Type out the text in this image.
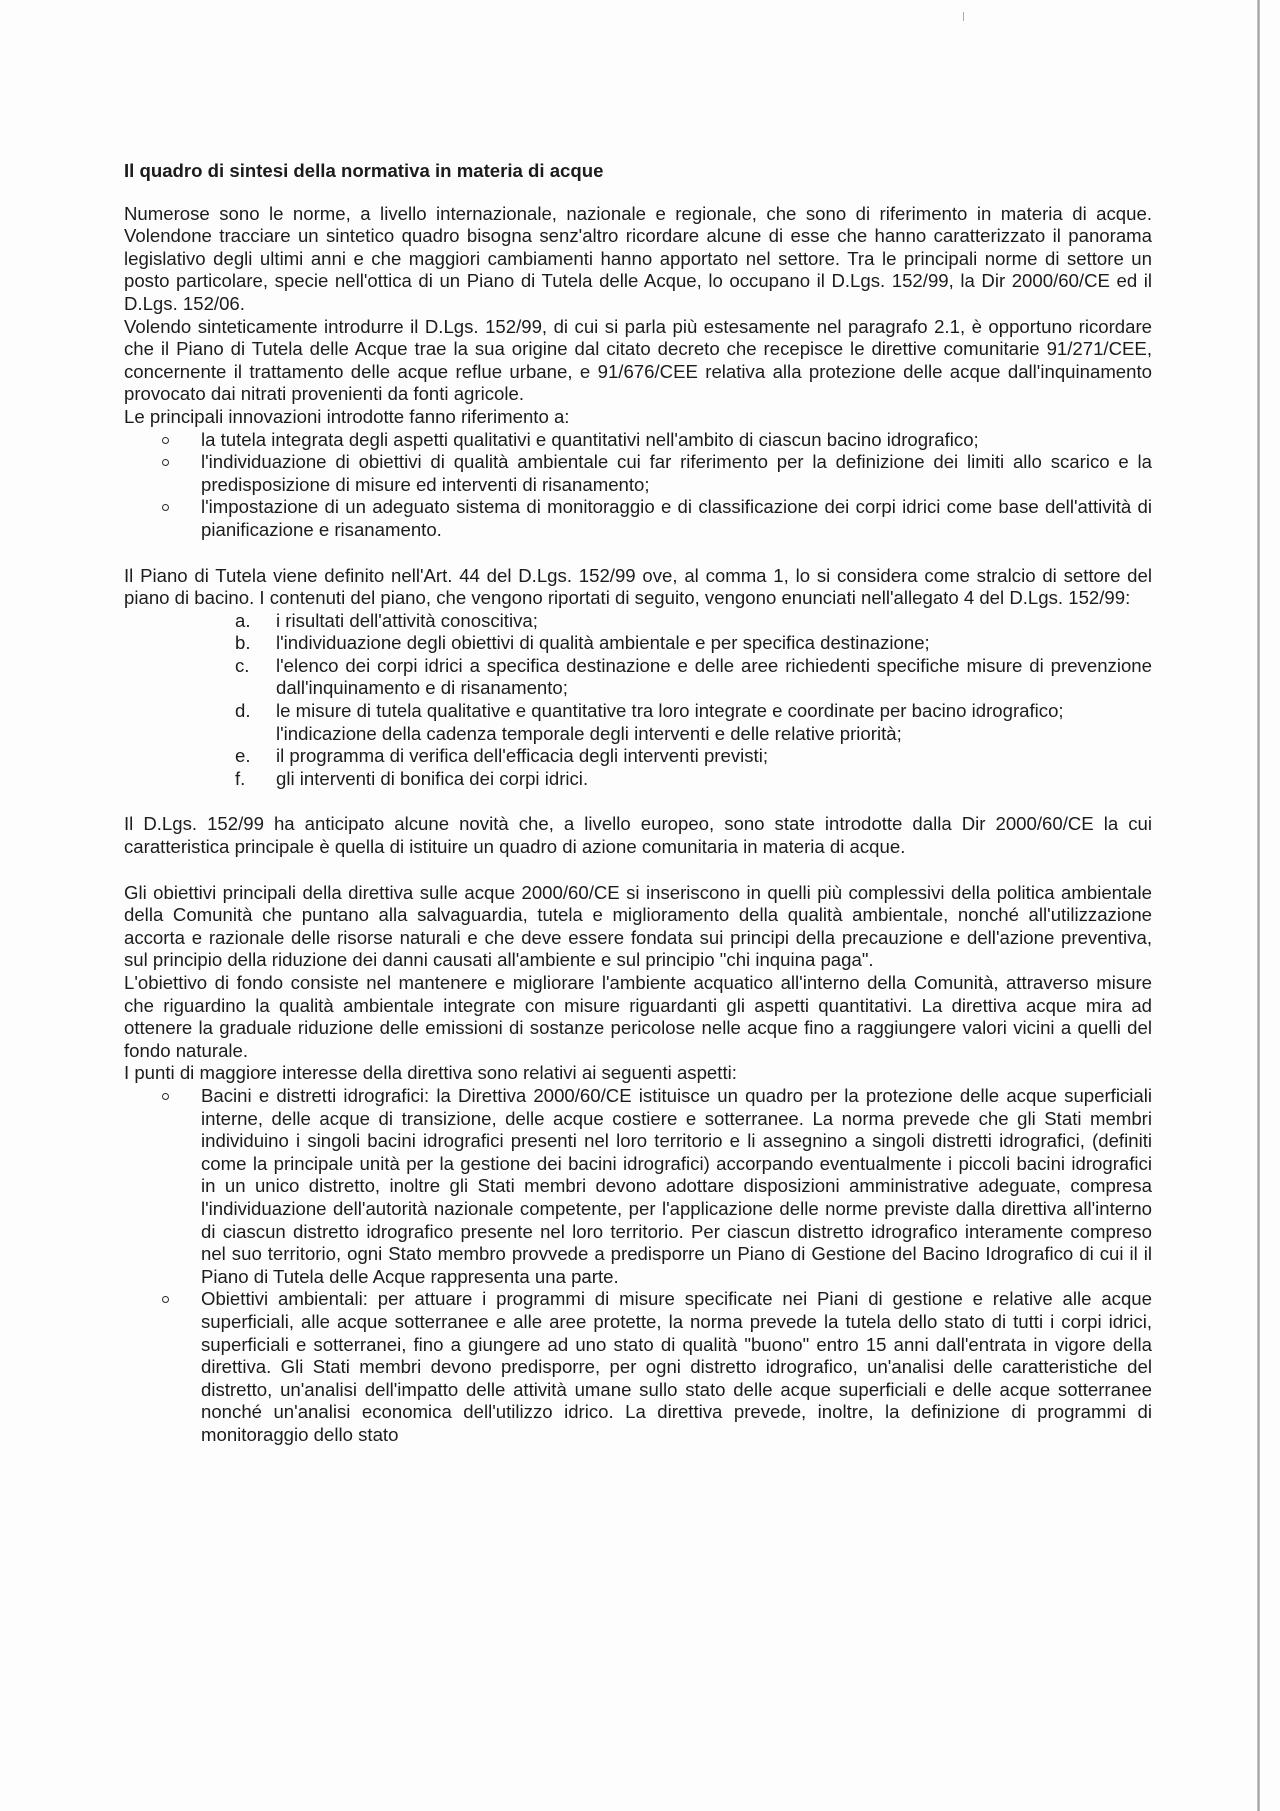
Il quadro di sintesi della normativa in materia di acque

Numerose sono le norme, a livello internazionale, nazionale e regionale, che sono di riferimento in materia di acque. Volendone tracciare un sintetico quadro bisogna senz'altro ricordare alcune di esse che hanno caratterizzato il panorama legislativo degli ultimi anni e che maggiori cambiamenti hanno apportato nel settore. Tra le principali norme di settore un posto particolare, specie nell'ottica di un Piano di Tutela delle Acque, lo occupano il D.Lgs. 152/99, la Dir 2000/60/CE ed il D.Lgs. 152/06.

Volendo sinteticamente introdurre il D.Lgs. 152/99, di cui si parla più estesamente nel paragrafo 2.1, è opportuno ricordare che il Piano di Tutela delle Acque trae la sua origine dal citato decreto che recepisce le direttive comunitarie 91/271/CEE, concernente il trattamento delle acque reflue urbane, e 91/676/CEE relativa alla protezione delle acque dall'inquinamento provocato dai nitrati provenienti da fonti agricole.

Le principali innovazioni introdotte fanno riferimento a:

la tutela integrata degli aspetti qualitativi e quantitativi nell'ambito di ciascun bacino idrografico;
l'individuazione di obiettivi di qualità ambientale cui far riferimento per la definizione dei limiti allo scarico e la predisposizione di misure ed interventi di risanamento;
l'impostazione di un adeguato sistema di monitoraggio e di classificazione dei corpi idrici come base dell'attività di pianificazione e risanamento.

Il Piano di Tutela viene definito nell'Art. 44 del D.Lgs. 152/99 ove, al comma 1, lo si considera come stralcio di settore del piano di bacino. I contenuti del piano, che vengono riportati di seguito, vengono enunciati nell'allegato 4 del D.Lgs. 152/99:

a. i risultati dell'attività conoscitiva;
b. l'individuazione degli obiettivi di qualità ambientale e per specifica destinazione;
c. l'elenco dei corpi idrici a specifica destinazione e delle aree richiedenti specifiche misure di prevenzione dall'inquinamento e di risanamento;
d. le misure di tutela qualitative e quantitative tra loro integrate e coordinate per bacino idrografico;
l'indicazione della cadenza temporale degli interventi e delle relative priorità;
e. il programma di verifica dell'efficacia degli interventi previsti;
f. gli interventi di bonifica dei corpi idrici.

Il D.Lgs. 152/99 ha anticipato alcune novità che, a livello europeo, sono state introdotte dalla Dir 2000/60/CE la cui caratteristica principale è quella di istituire un quadro di azione comunitaria in materia di acque.

Gli obiettivi principali della direttiva sulle acque 2000/60/CE si inseriscono in quelli più complessivi della politica ambientale della Comunità che puntano alla salvaguardia, tutela e miglioramento della qualità ambientale, nonché all'utilizzazione accorta e razionale delle risorse naturali e che deve essere fondata sui principi della precauzione e dell'azione preventiva, sul principio della riduzione dei danni causati all'ambiente e sul principio "chi inquina paga".

L'obiettivo di fondo consiste nel mantenere e migliorare l'ambiente acquatico all'interno della Comunità, attraverso misure che riguardino la qualità ambientale integrate con misure riguardanti gli aspetti quantitativi. La direttiva acque mira ad ottenere la graduale riduzione delle emissioni di sostanze pericolose nelle acque fino a raggiungere valori vicini a quelli del fondo naturale.

I punti di maggiore interesse della direttiva sono relativi ai seguenti aspetti:

Bacini e distretti idrografici: la Direttiva 2000/60/CE istituisce un quadro per la protezione delle acque superficiali interne, delle acque di transizione, delle acque costiere e sotterranee. La norma prevede che gli Stati membri individuino i singoli bacini idrografici presenti nel loro territorio e li assegnino a singoli distretti idrografici, (definiti come la principale unità per la gestione dei bacini idrografici) accorpando eventualmente i piccoli bacini idrografici in un unico distretto, inoltre gli Stati membri devono adottare disposizioni amministrative adeguate, compresa l'individuazione dell'autorità nazionale competente, per l'applicazione delle norme previste dalla direttiva all'interno di ciascun distretto idrografico presente nel loro territorio. Per ciascun distretto idrografico interamente compreso nel suo territorio, ogni Stato membro provvede a predisporre un Piano di Gestione del Bacino Idrografico di cui il il Piano di Tutela delle Acque rappresenta una parte.
Obiettivi ambientali: per attuare i programmi di misure specificate nei Piani di gestione e relative alle acque superficiali, alle acque sotterranee e alle aree protette, la norma prevede la tutela dello stato di tutti i corpi idrici, superficiali e sotterranei, fino a giungere ad uno stato di qualità "buono" entro 15 anni dall'entrata in vigore della direttiva. Gli Stati membri devono predisporre, per ogni distretto idrografico, un'analisi delle caratteristiche del distretto, un'analisi dell'impatto delle attività umane sullo stato delle acque superficiali e delle acque sotterranee nonché un'analisi economica dell'utilizzo idrico. La direttiva prevede, inoltre, la definizione di programmi di monitoraggio dello stato
